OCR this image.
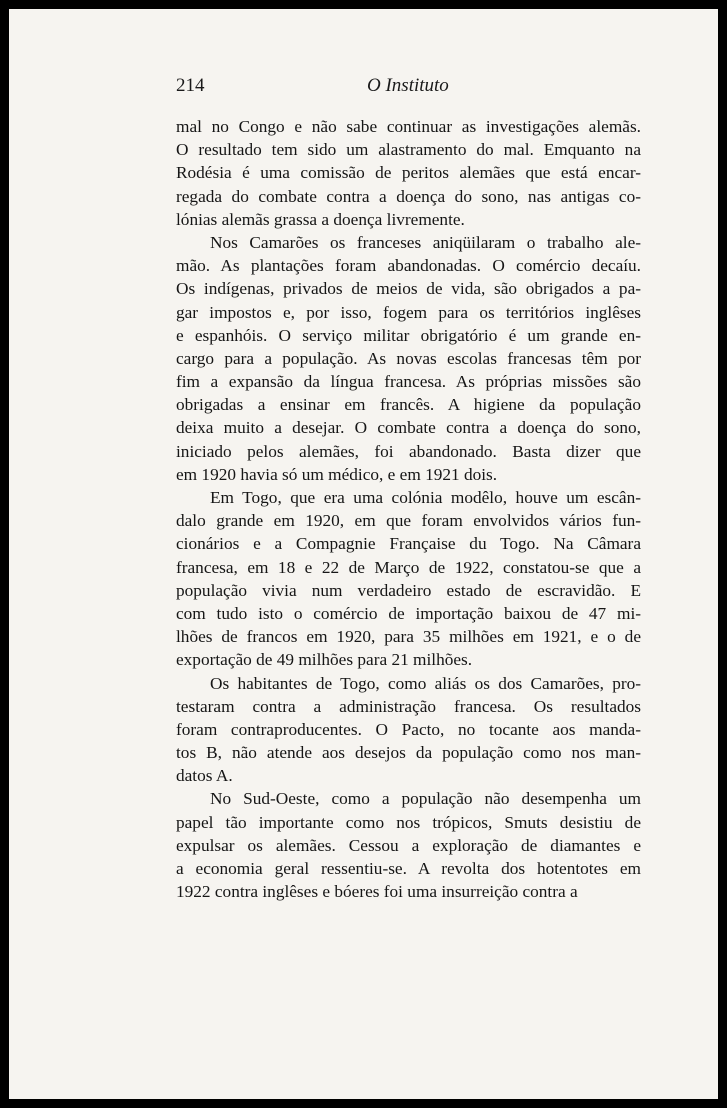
214	O Instituto
mal no Congo e não sabe continuar as investigações alemãs.
O resultado tem sido um alastramento do mal. Emquanto na
Rodésia é uma comissão de peritos alemães que está encar-
regada do combate contra a doença do sono, nas antigas co-
lónias alemãs grassa a doença livremente.
Nos Camarões os franceses aniqüilaram o trabalho ale-
mão. As plantações foram abandonadas. O comércio decaíu.
Os indígenas, privados de meios de vida, são obrigados a pa-
gar impostos e, por isso, fogem para os territórios inglêses
e espanhóis. O serviço militar obrigatório é um grande en-
cargo para a população. As novas escolas francesas têm por
fim a expansão da língua francesa. As próprias missões são
obrigadas a ensinar em francês. A higiene da população
deixa muito a desejar. O combate contra a doença do sono,
iniciado pelos alemães, foi abandonado. Basta dizer que
em 1920 havia só um médico, e em 1921 dois.
Em Togo, que era uma colónia modêlo, houve um escân-
dalo grande em 1920, em que foram envolvidos vários fun-
cionários e a Compagnie Française du Togo. Na Câmara
francesa, em 18 e 22 de Março de 1922, constatou-se que a
população vivia num verdadeiro estado de escravidão. E
com tudo isto o comércio de importação baixou de 47 mi-
lhões de francos em 1920, para 35 milhões em 1921, e o de
exportação de 49 milhões para 21 milhões.
Os habitantes de Togo, como aliás os dos Camarões, pro-
testaram contra a administração francesa. Os resultados
foram contraproducentes. O Pacto, no tocante aos manda-
tos B, não atende aos desejos da população como nos man-
datos A.
No Sud-Oeste, como a população não desempenha um
papel tão importante como nos trópicos, Smuts desistiu de
expulsar os alemães. Cessou a exploração de diamantes e
a economia geral ressentiu-se. A revolta dos hotentotes em
1922 contra inglêses e bóeres foi uma insurreição contra a
